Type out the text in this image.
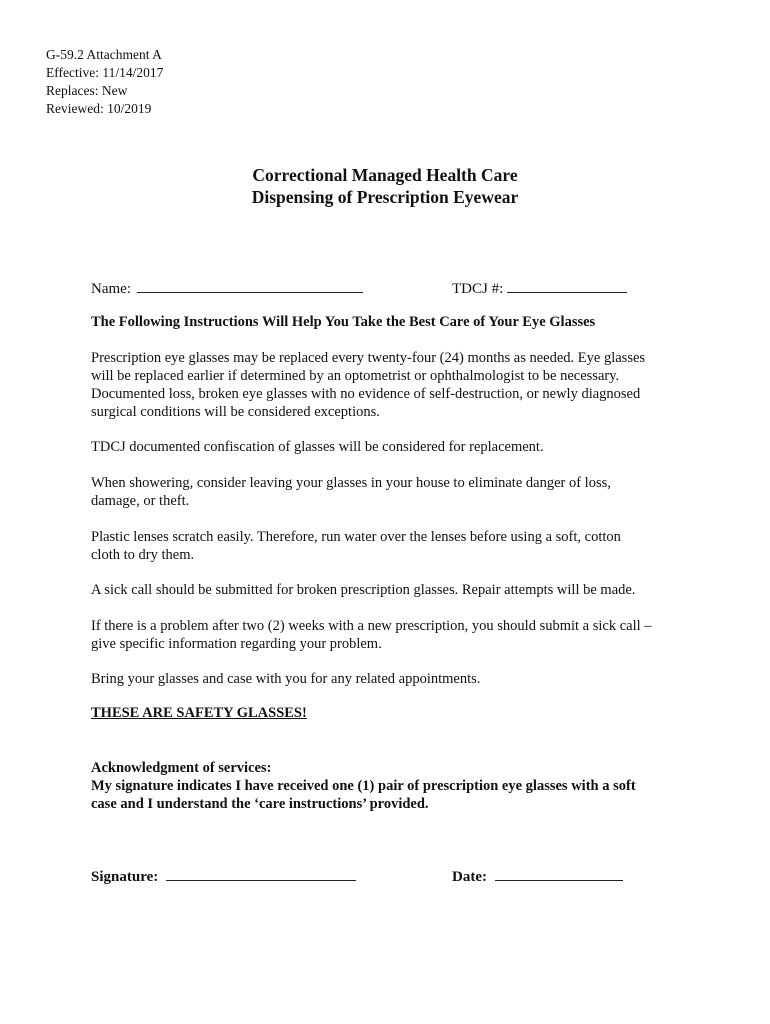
G-59.2 Attachment A
Effective: 11/14/2017
Replaces: New
Reviewed: 10/2019
Correctional Managed Health Care
Dispensing of Prescription Eyewear
Name:	TDCJ #:
The Following Instructions Will Help You Take the Best Care of Your Eye Glasses
Prescription eye glasses may be replaced every twenty-four (24) months as needed. Eye glasses
will be replaced earlier if determined by an optometrist or ophthalmologist to be necessary.
Documented loss, broken eye glasses with no evidence of self-destruction, or newly diagnosed
surgical conditions will be considered exceptions.
TDCJ documented confiscation of glasses will be considered for replacement.
When showering, consider leaving your glasses in your house to eliminate danger of loss,
damage, or theft.
Plastic lenses scratch easily. Therefore, run water over the lenses before using a soft, cotton
cloth to dry them.
A sick call should be submitted for broken prescription glasses. Repair attempts will be made.
If there is a problem after two (2) weeks with a new prescription, you should submit a sick call –
give specific information regarding your problem.
Bring your glasses and case with you for any related appointments.
THESE ARE SAFETY GLASSES!
Acknowledgment of services:
My signature indicates I have received one (1) pair of prescription eye glasses with a soft
case and I understand the ‘care instructions’ provided.
Signature:	Date:
